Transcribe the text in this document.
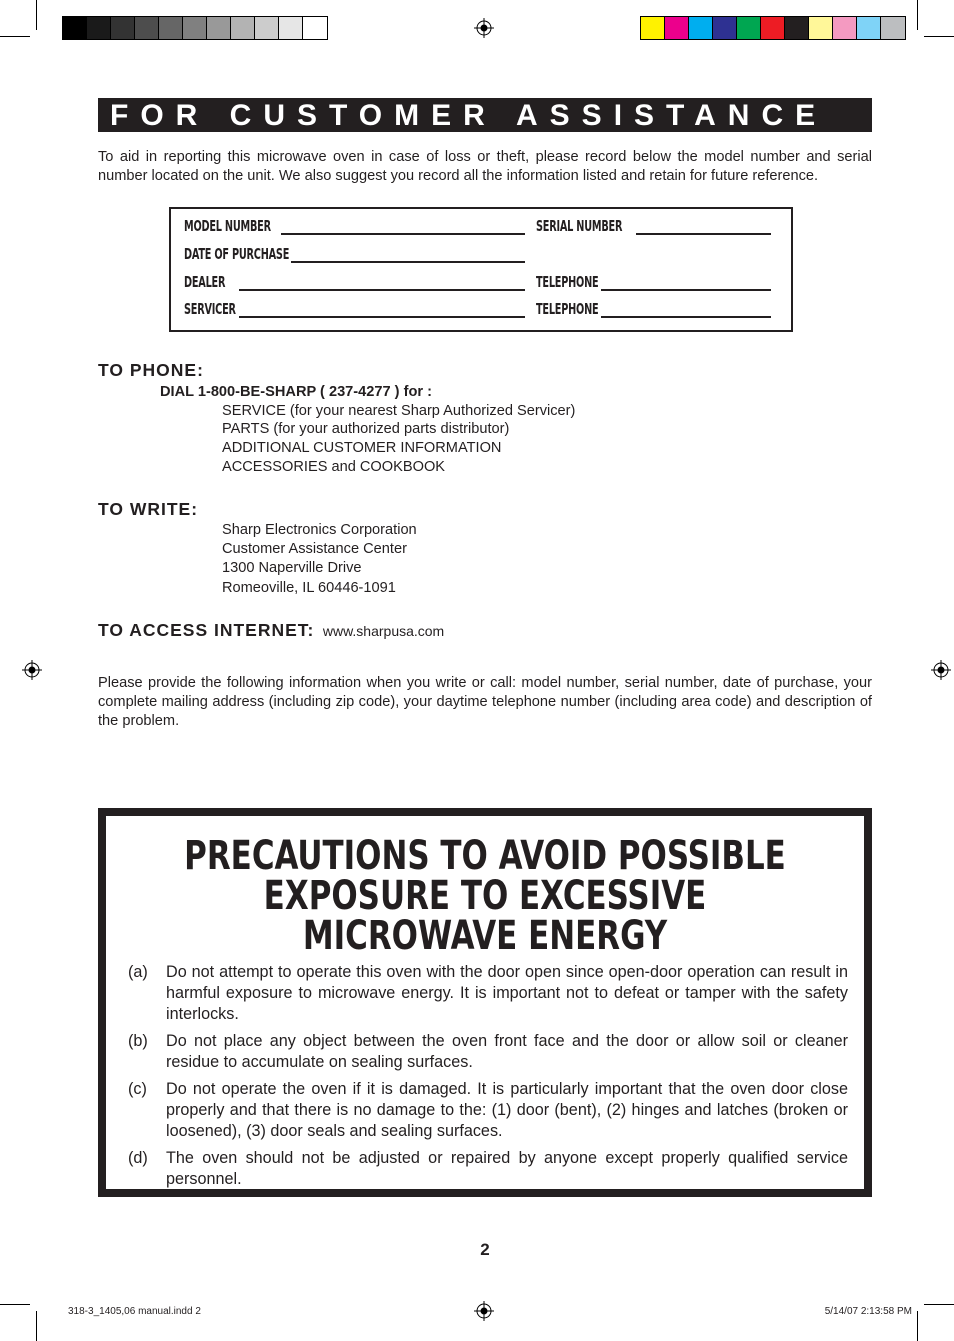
FOR CUSTOMER ASSISTANCE

To aid in reporting this microwave oven in case of loss or theft, please record below the model number and serial number located on the unit. We also suggest you record all the information listed and retain for future reference.

MODEL NUMBER	SERIAL NUMBER
DATE OF PURCHASE
DEALER	TELEPHONE
SERVICER	TELEPHONE
TO PHONE:
DIAL 1-800-BE-SHARP ( 237-4277 ) for :
SERVICE (for your nearest Sharp Authorized Servicer)
PARTS (for your authorized parts distributor)
ADDITIONAL CUSTOMER INFORMATION
ACCESSORIES and COOKBOOK
TO WRITE:
Sharp Electronics Corporation
Customer Assistance Center
1300 Naperville Drive
Romeoville, IL 60446-1091
TO ACCESS INTERNET: www.sharpusa.com

Please provide the following information when you write or call: model number, serial number, date of purchase, your complete mailing address (including zip code), your daytime telephone number (including area code) and description of the problem.

PRECAUTIONS TO AVOID POSSIBLE
EXPOSURE TO EXCESSIVE
MICROWAVE ENERGY
(a)	Do not attempt to operate this oven with the door open since open-door operation can result in harmful exposure to microwave energy. It is important not to defeat or tamper with the safety interlocks.
(b)	Do not place any object between the oven front face and the door or allow soil or cleaner residue to accumulate on sealing surfaces.
(c)	Do not operate the oven if it is damaged. It is particularly important that the oven door close properly and that there is no damage to the: (1) door (bent), (2) hinges and latches (broken or loosened), (3) door seals and sealing surfaces.
(d)	The oven should not be adjusted or repaired by anyone except properly qualified service personnel.
2
318-3_1405,06 manual.indd 2	5/14/07 2:13:58 PM
